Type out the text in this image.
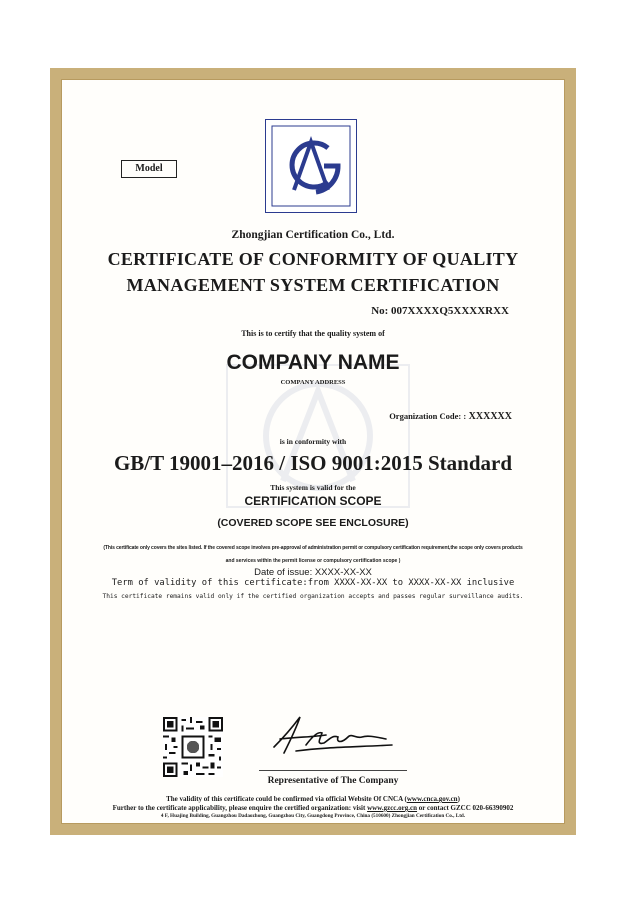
Model
Zhongjian Certification Co., Ltd.
CERTIFICATE OF CONFORMITY OF QUALITY
MANAGEMENT SYSTEM CERTIFICATION
No: 007XXXXQ5XXXXRXX
This is to certify that the quality system of
COMPANY NAME
COMPANY ADDRESS
Organization Code: : XXXXXX
is in conformity with
GB/T 19001–2016 / ISO 9001:2015 Standard
This system is valid for the
CERTIFICATION SCOPE
(COVERED SCOPE SEE ENCLOSURE)
(This certificate only covers the sites listed. If the covered scope involves pre-approval of administration permit or compulsory certification requirement,the scope only covers products
and services within the permit license or compulsory certification scope )
Date of issue: XXXX-XX-XX
Term of validity of this certificate:from XXXX-XX-XX to XXXX-XX-XX inclusive
This certificate remains valid only if the certified organization accepts and passes regular surveillance audits.
Representative of The Company
The validity of this certificate could be confirmed via official Website Of CNCA (www.cnca.gov.cn)
Further to the certificate applicability, please enquire the certified organization: visit www.gzcc.org.cn or contact GZCC 020-66390902
4 F, Huajing Building, Guangzhou Dadaozhong, Guangzhou City, Guangdong Province, China (510600) Zhongjian Certification Co., Ltd.
